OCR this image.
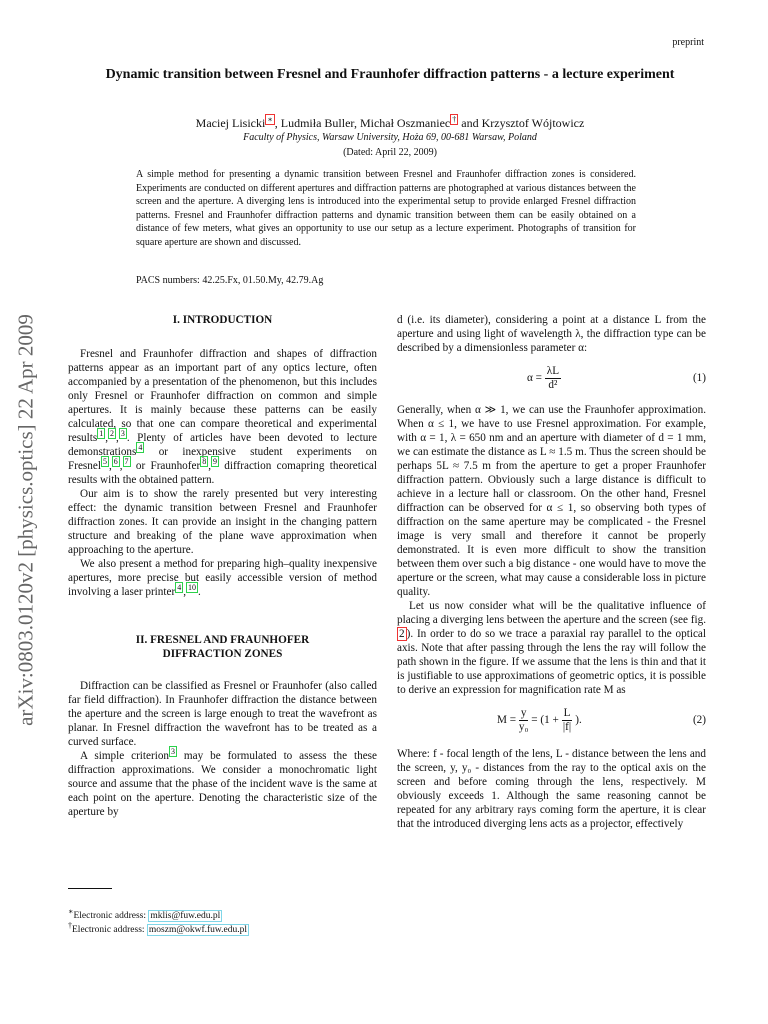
preprint
arXiv:0803.0120v2 [physics.optics] 22 Apr 2009
Dynamic transition between Fresnel and Fraunhofer diffraction patterns - a lecture experiment
Maciej Lisicki ∗ , Ludmiła Buller, Michał Oszmaniec † and Krzysztof Wójtowicz
Faculty of Physics, Warsaw University, Hoża 69, 00-681 Warsaw, Poland
(Dated: April 22, 2009)
A simple method for presenting a dynamic transition between Fresnel and Fraunhofer diffraction zones is considered. Experiments are conducted on different apertures and diffraction patterns are photographed at various distances between the screen and the aperture. A diverging lens is introduced into the experimental setup to provide enlarged Fresnel diffraction patterns. Fresnel and Fraunhofer diffraction patterns and dynamic transition between them can be easily obtained on a distance of few meters, what gives an opportunity to use our setup as a lecture experiment. Photographs of transition for square aperture are shown and discussed.
PACS numbers: 42.25.Fx, 01.50.My, 42.79.Ag
I. INTRODUCTION

Fresnel and Fraunhofer diffraction and shapes of diffraction patterns appear as an important part of any optics lecture, often accompanied by a presentation of the phenomenon, but this includes only Fresnel or Fraunhofer diffraction on common and simple apertures. It is mainly because these patterns can be easily calculated, so that one can compare theoretical and experimental results $^1$ , $^2$ , $^3$ . Plenty of articles have been devoted to lecture demonstrations $^4$ or inexpensive student experiments on Fresnel $^5$ , $^6$ , $^7$ or Fraunhofer $^8$ , $^9$ diffraction comapring theoretical results with the obtained pattern.

Our aim is to show the rarely presented but very interesting effect: the dynamic transition between Fresnel and Fraunhofer diffraction zones. It can provide an insight in the changing pattern structure and breaking of the plane wave approximation when approaching to the aperture.

We also present a method for preparing high–quality inexpensive apertures, more precise but easily accessible version of method involving a laser printer $^4$ , $^{10}$ .

II. FRESNEL AND FRAUNHOFER
DIFFRACTION ZONES

Diffraction can be classified as Fresnel or Fraunhofer (also called far field diffraction). In Fraunhofer diffraction the distance between the aperture and the screen is large enough to treat the wavefront as planar. In Fresnel diffraction the wavefront has to be treated as a curved surface.

A simple criterion $^3$ may be formulated to assess the these diffraction approximations. We consider a monochromatic light source and assume that the phase of the incident wave is the same at each point on the aperture. Denoting the characteristic size of the aperture by

∗Electronic address: mklis@fuw.edu.pl
†Electronic address: moszm@okwf.fuw.edu.pl

d (i.e. its diameter), considering a point at a distance L from the aperture and using light of wavelength λ, the diffraction type can be described by a dimensionless parameter α:

$\alpha = \frac{\lambda L}{\text{d²}}$	(1)

Generally, when α ≫ 1, we can use the Fraunhofer approximation. When α ≤ 1, we have to use Fresnel approximation. For example, with α = 1, λ = 650 nm and an aperture with diameter of d = 1 mm, we can estimate the distance as L ≈ 1.5 m. Thus the screen should be perhaps 5L ≈ 7.5 m from the aperture to get a proper Fraunhofer diffraction pattern. Obviously such a large distance is difficult to achieve in a lecture hall or classroom. On the other hand, Fresnel diffraction can be observed for α ≤ 1, so observing both types of diffraction on the same aperture may be complicated - the Fresnel image is very small and therefore it cannot be properly demonstrated. It is even more difficult to show the transition between them over such a big distance - one would have to move the aperture or the screen, what may cause a considerable loss in picture quality.

Let us now consider what will be the qualitative influence of placing a diverging lens between the aperture and the screen (see fig. 2 ). In order to do so we trace a paraxial ray parallel to the optical axis. Note that after passing through the lens the ray will follow the path shown in the figure. If we assume that the lens is thin and that it is justifiable to use approximations of geometric optics, it is possible to derive an expression for magnification rate M as

$M = \frac{y}{\text{y₀}} = (1 + \frac{L}{|f|}$ ).	(2)

Where: f - focal length of the lens, L - distance between the lens and the screen, y, y₀ - distances from the ray to the optical axis on the screen and before coming through the lens, respectively. M obviously exceeds 1. Although the same reasoning cannot be repeated for any arbitrary rays coming form the aperture, it is clear that the introduced diverging lens acts as a projector, effectively
